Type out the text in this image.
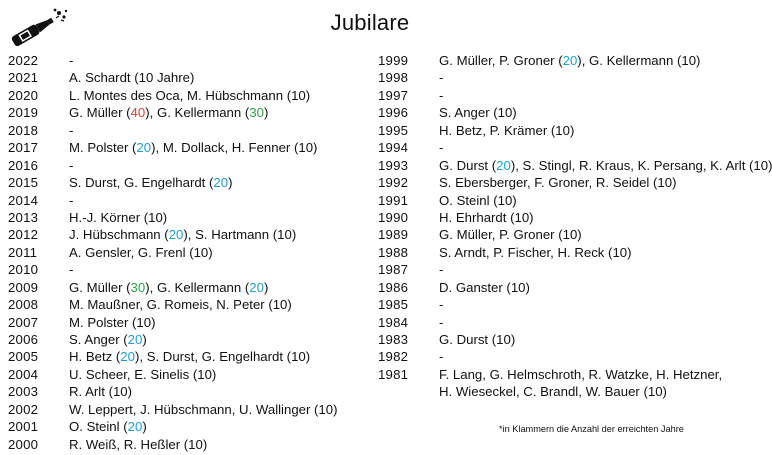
Jubilare
2022 -
2021 A. Schardt (10 Jahre)
2020 L. Montes des Oca, M. Hübschmann (10)
2019 G. Müller (40), G. Kellermann (30)
2018 -
2017 M. Polster (20), M. Dollack, H. Fenner (10)
2016 -
2015 S. Durst, G. Engelhardt (20)
2014 -
2013 H.-J. Körner (10)
2012 J. Hübschmann (20), S. Hartmann (10)
2011 A. Gensler, G. Frenl (10)
2010 -
2009 G. Müller (30), G. Kellermann (20)
2008 M. Maußner, G. Romeis, N. Peter (10)
2007 M. Polster (10)
2006 S. Anger (20)
2005 H. Betz (20), S. Durst, G. Engelhardt (10)
2004 U. Scheer, E. Sinelis (10)
2003 R. Arlt (10)
2002 W. Leppert, J. Hübschmann, U. Wallinger (10)
2001 O. Steinl (20)
2000 R. Weiß, R. Heßler (10)
1999 G. Müller, P. Groner (20), G. Kellermann (10)
1998 -
1997 -
1996 S. Anger (10)
1995 H. Betz, P. Krämer (10)
1994 -
1993 G. Durst (20), S. Stingl, R. Kraus, K. Persang, K. Arlt (10)
1992 S. Ebersberger, F. Groner, R. Seidel (10)
1991 O. Steinl (10)
1990 H. Ehrhardt (10)
1989 G. Müller, P. Groner (10)
1988 S. Arndt, P. Fischer, H. Reck (10)
1987 -
1986 D. Ganster (10)
1985 -
1984 -
1983 G. Durst (10)
1982 -
1981 F. Lang, G. Helmschroth, R. Watzke, H. Hetzner,
H. Wieseckel, C. Brandl, W. Bauer (10)
*in Klammern die Anzahl der erreichten Jahre
